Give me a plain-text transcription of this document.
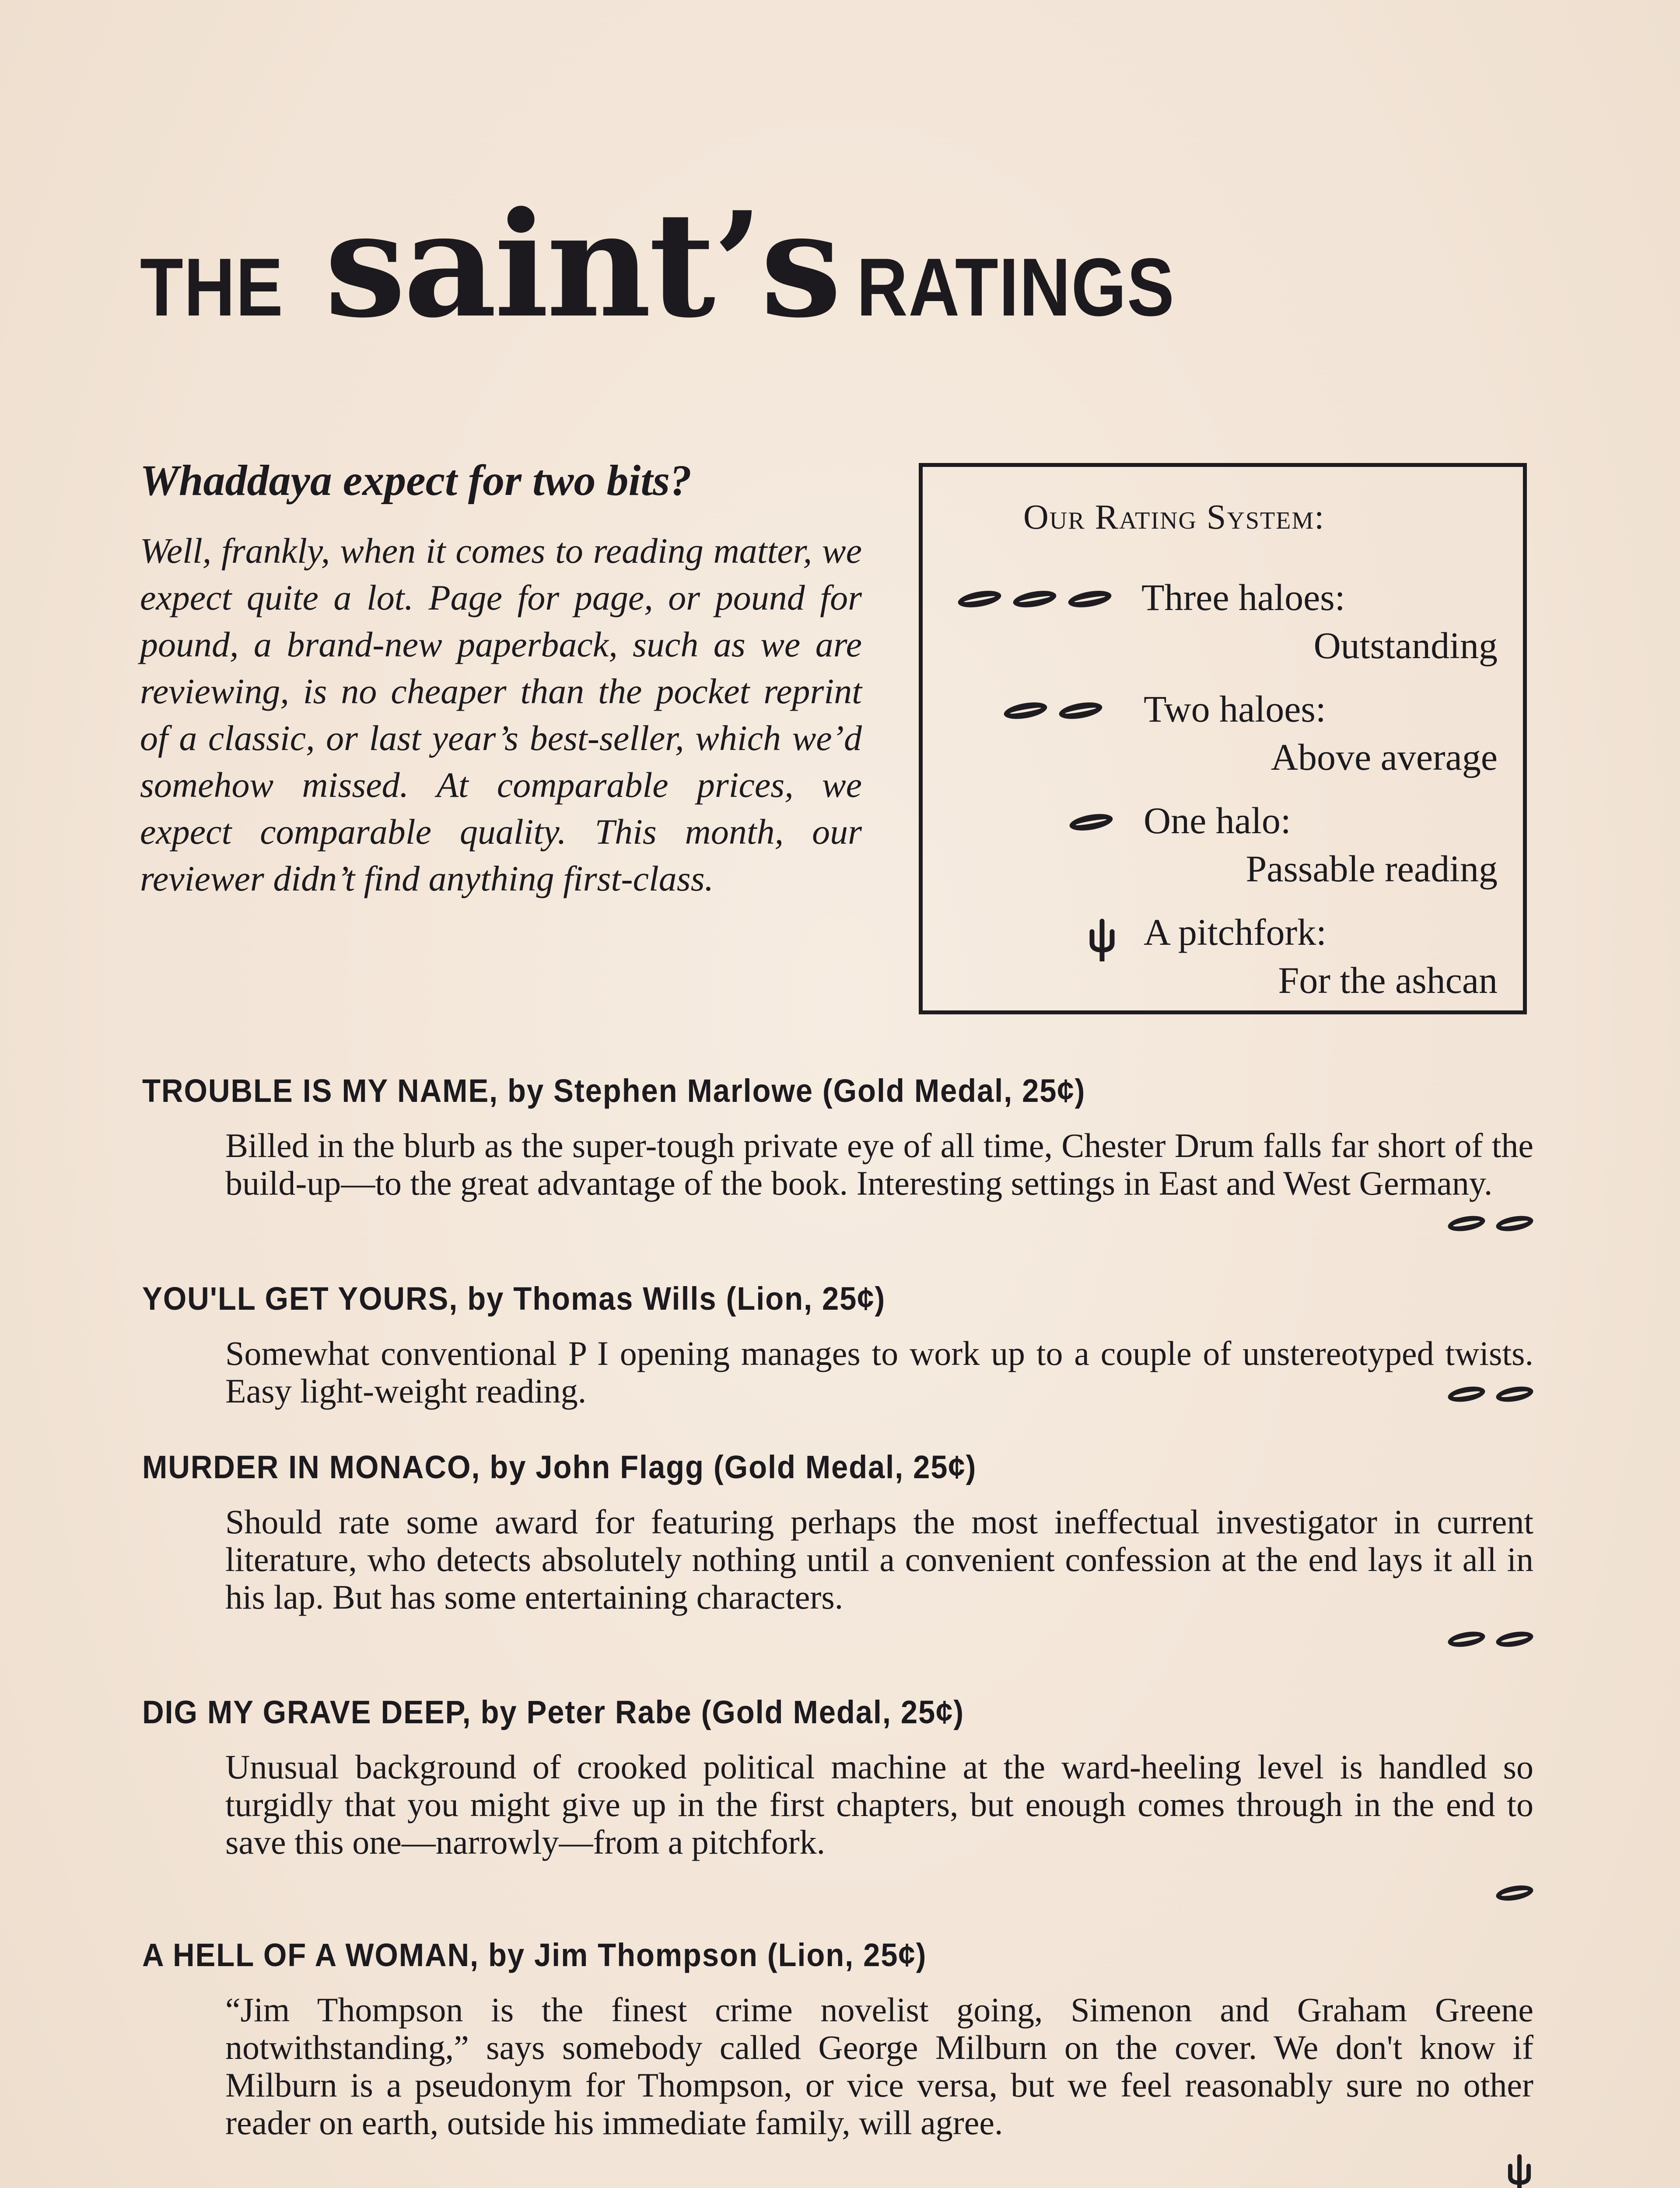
THE saint’s RATINGS

Whaddaya expect for two bits?

Well, frankly, when it comes to reading matter, we expect quite a lot. Page for page, or pound for pound, a brand-new paperback, such as we are reviewing, is no cheaper than the pocket reprint of a classic, or last year’s best-seller, which we’d somehow missed. At comparable prices, we expect comparable quality. This month, our reviewer didn’t find anything first-class.

Our Rating System:
Three haloes:
Outstanding
Two haloes:
Above average
One halo:
Passable reading
A pitchfork:
For the ashcan

TROUBLE IS MY NAME, by Stephen Marlowe (Gold Medal, 25¢)

Billed in the blurb as the super-tough private eye of all time, Chester Drum falls far short of the build-up—to the great advantage of the book. Interesting settings in East and West Germany.

YOU'LL GET YOURS, by Thomas Wills (Lion, 25¢)

Somewhat conventional P I opening manages to work up to a couple of unstereotyped twists. Easy light-weight reading.

MURDER IN MONACO, by John Flagg (Gold Medal, 25¢)

Should rate some award for featuring perhaps the most ineffectual investigator in current literature, who detects absolutely nothing until a convenient confession at the end lays it all in his lap. But has some entertaining characters.

DIG MY GRAVE DEEP, by Peter Rabe (Gold Medal, 25¢)

Unusual background of crooked political machine at the ward-heeling level is handled so turgidly that you might give up in the first chapters, but enough comes through in the end to save this one—narrowly—from a pitchfork.

A HELL OF A WOMAN, by Jim Thompson (Lion, 25¢)

“Jim Thompson is the finest crime novelist going, Simenon and Graham Greene notwithstanding,” says somebody called George Milburn on the cover. We don't know if Milburn is a pseudonym for Thompson, or vice versa, but we feel reasonably sure no other reader on earth, outside his immediate family, will agree.
